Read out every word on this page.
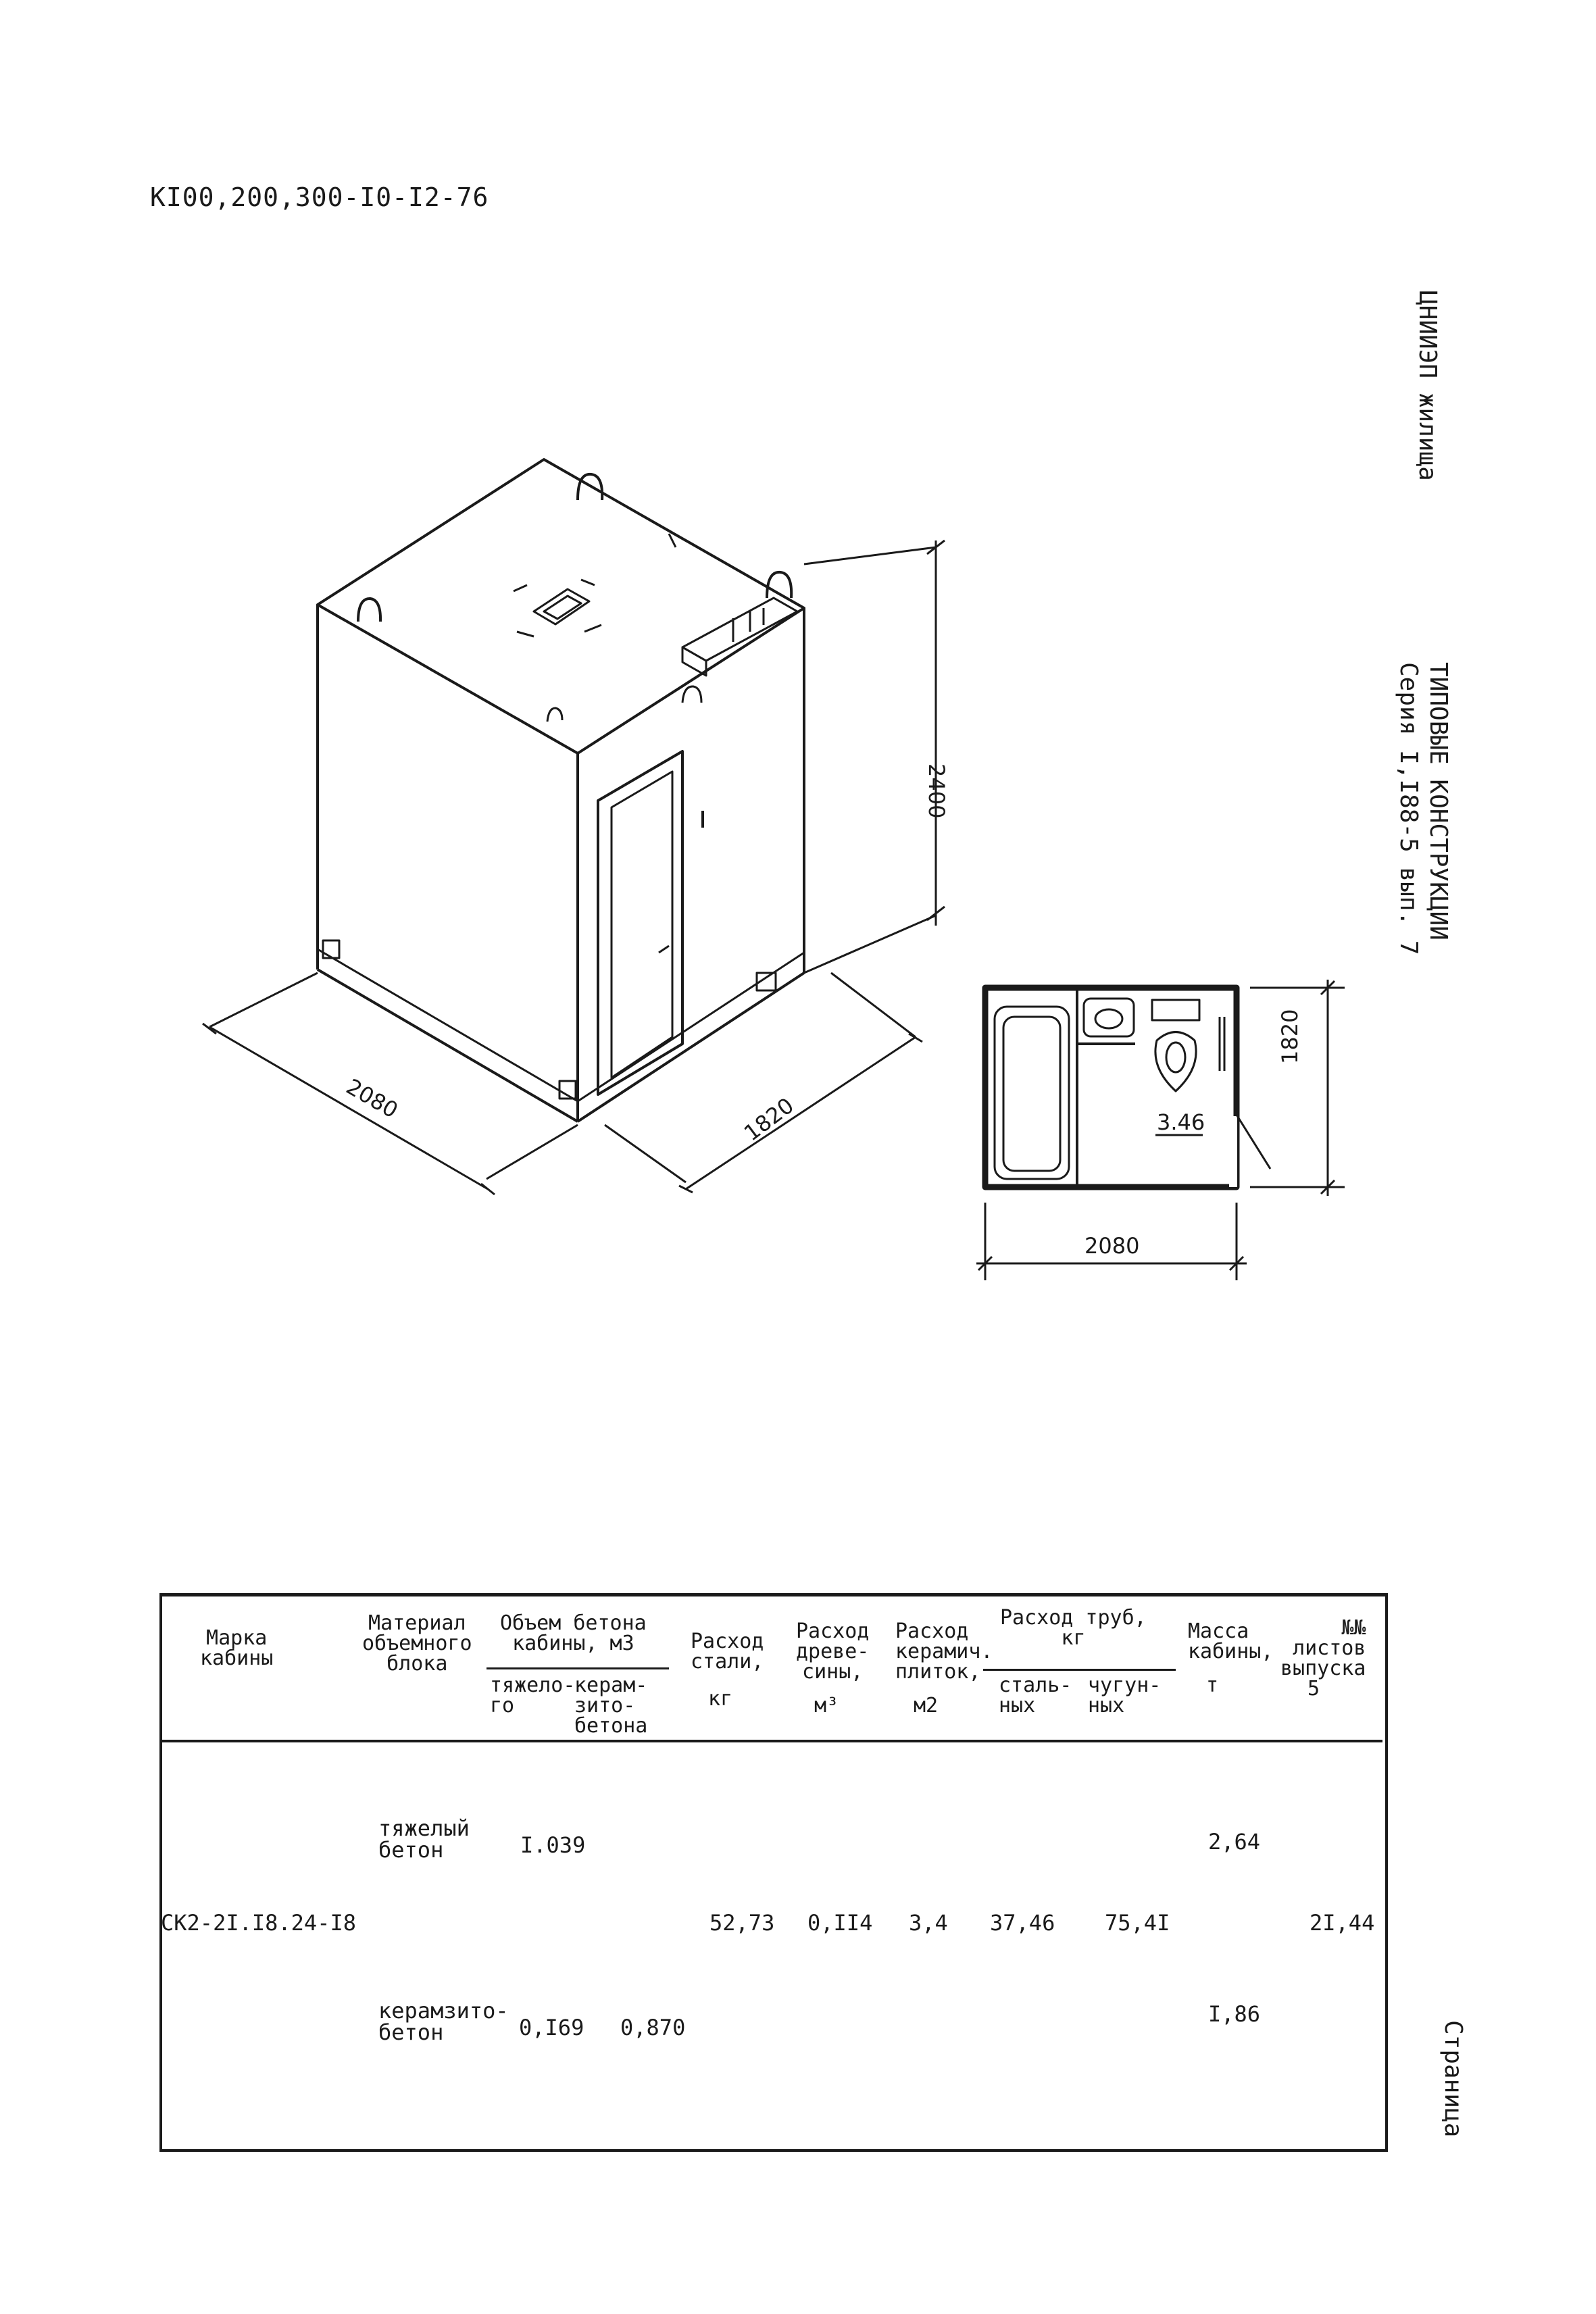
КI00,200,300-I0-I2-76
ЦНИИЭП жилища
ТИПОВЫЕ КОНСТРУКЦИИ
Серия I,I88-5 вып. 7
Страница
2400
2080	1820
2080
1820
3.46
Марка
кабины
Материал
объемного
блока
Объем бетона
кабины, м3
тяжело-
го
керам-
зито-
бетона
Расход
стали,
кг
Расход
древе-
сины,
м³
Расход
керамич.
плиток,
м2
Расход труб,
кг
сталь-
ных
чугун-
ных
Масса
кабины,
т
№№
листов
выпуска
5
СК2-2I.I8.24-I8
тяжелый
бетон
керамзито-
бетон
I.039
0,I69 0,870
52,73 0,II4 3,4 37,46 75,4I
2,64
I,86
2I,44
